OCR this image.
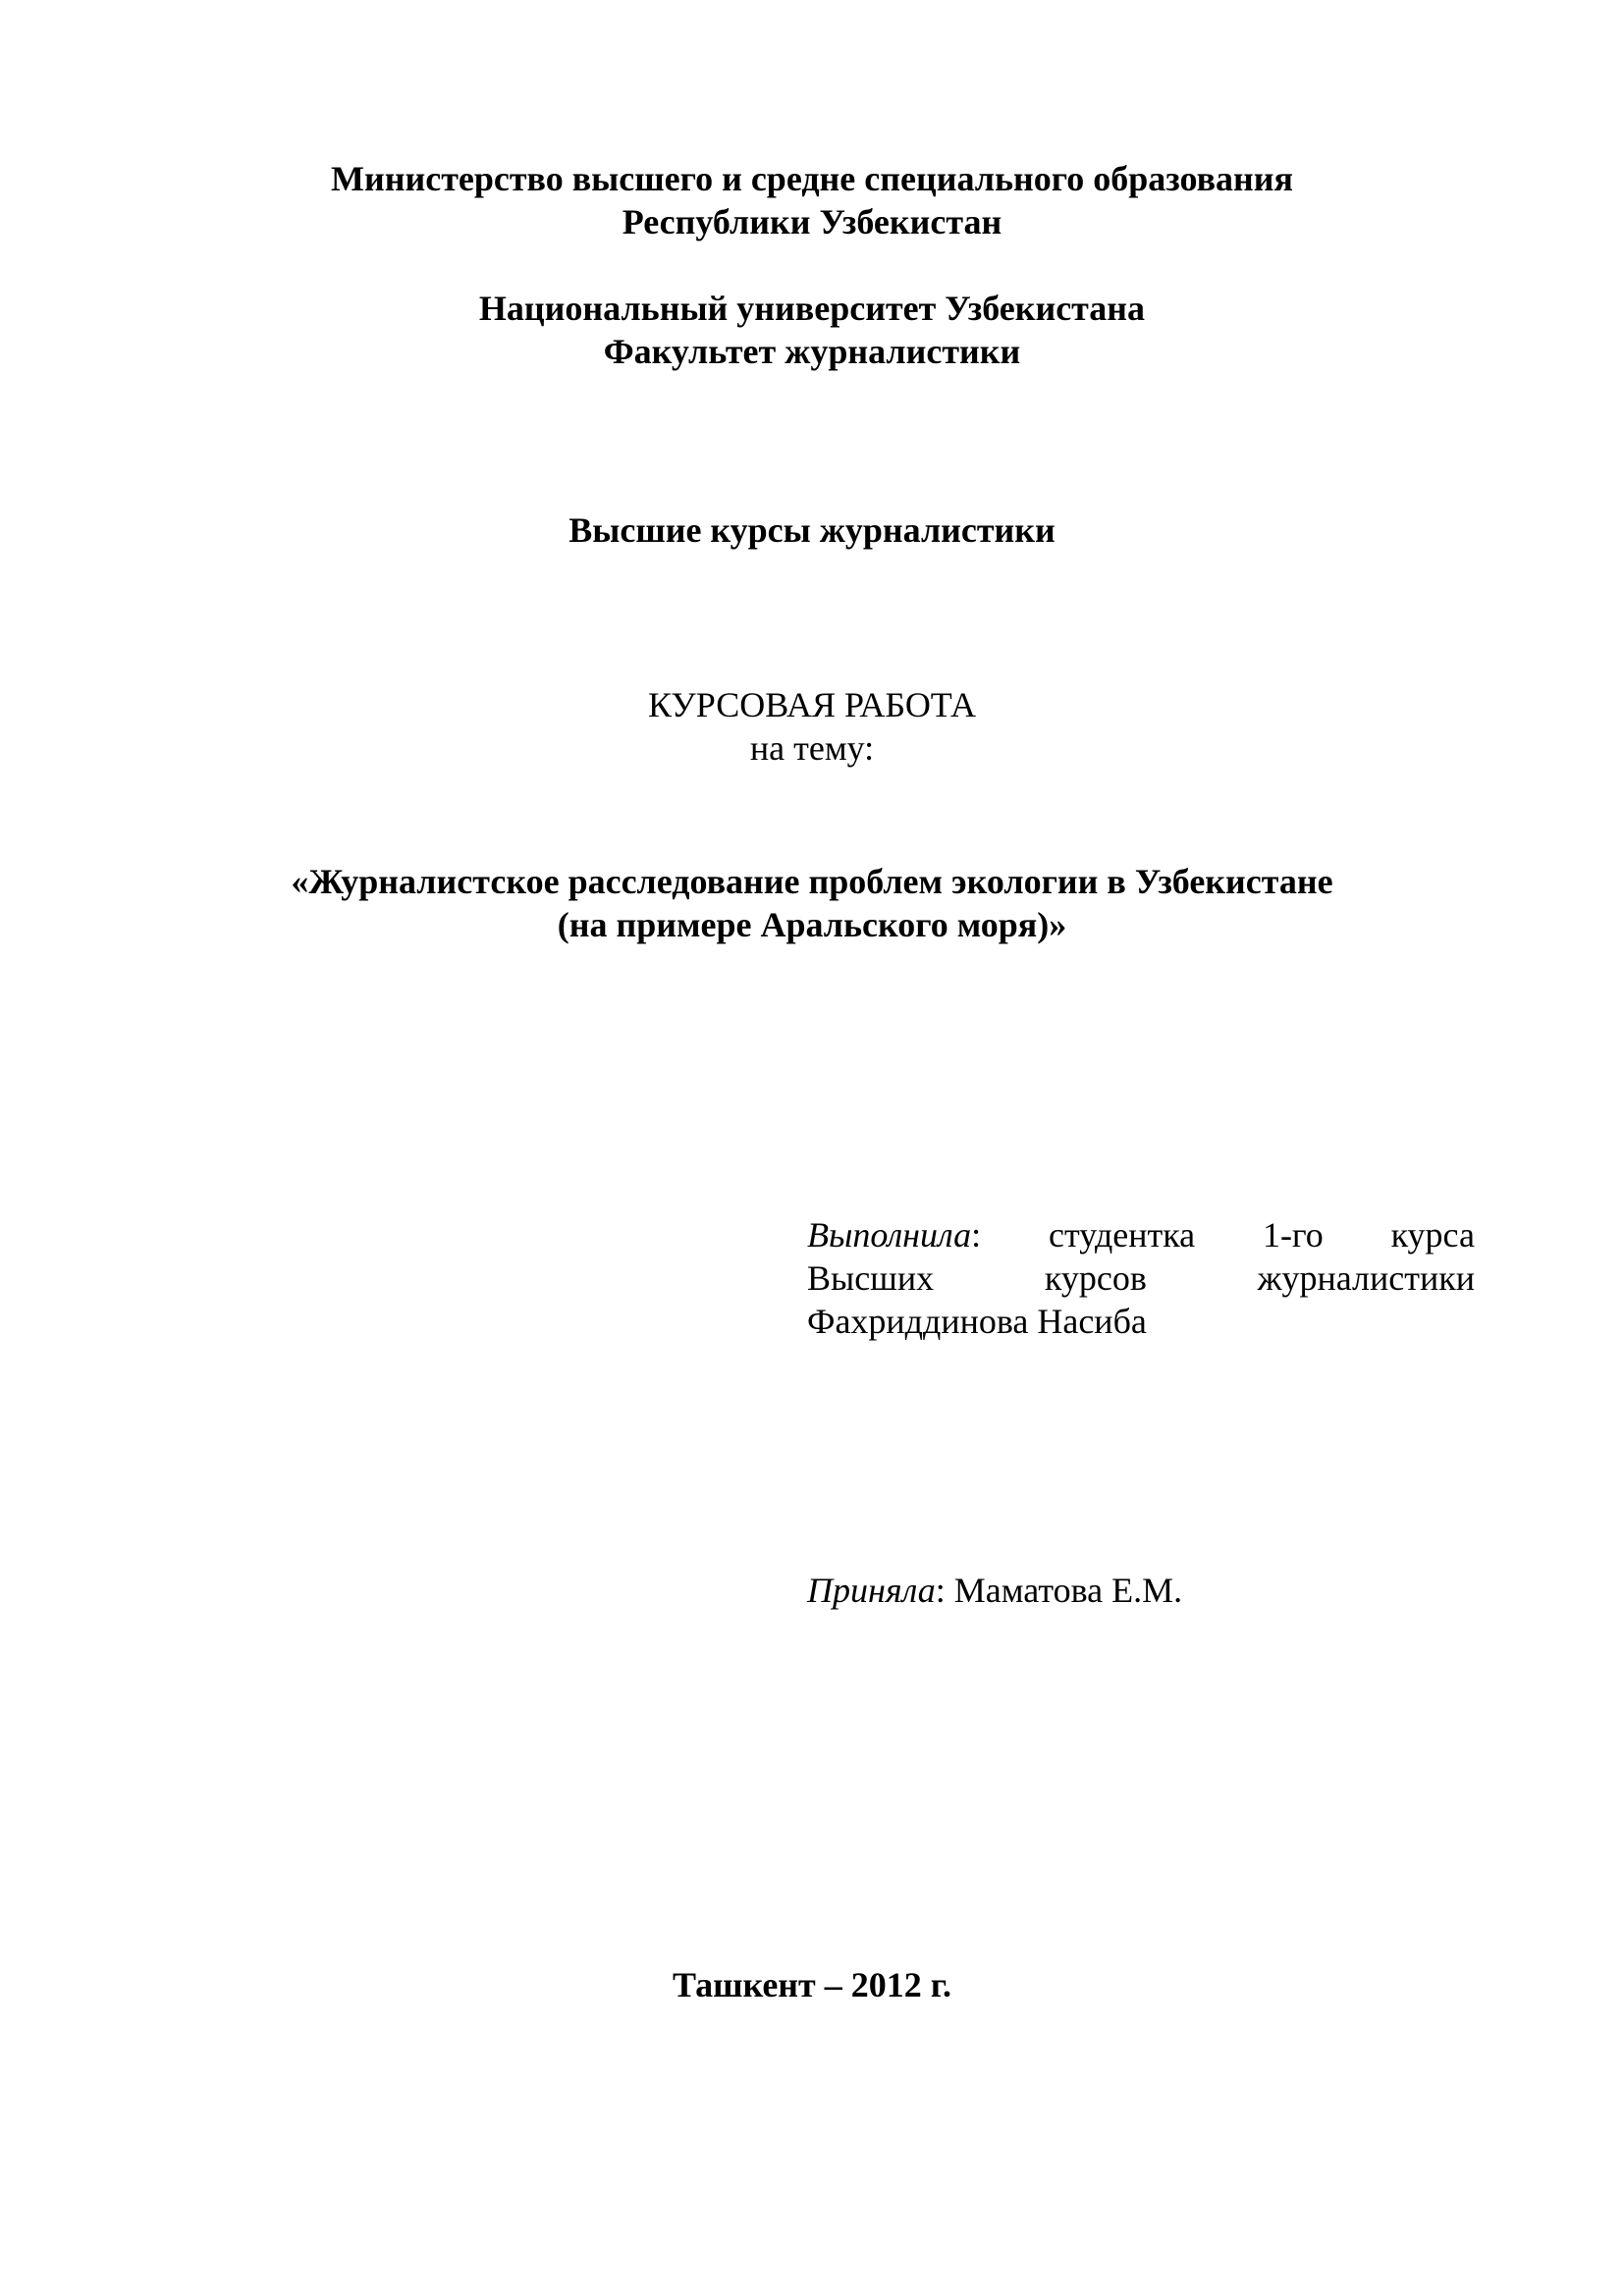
Министерство высшего и средне специального образования
Республики Узбекистан
Национальный университет Узбекистана
Факультет журналистики
Высшие курсы журналистики
КУРСОВАЯ РАБОТА
на тему:
«Журналистское расследование проблем экологии в Узбекистане
(на примере Аральского моря)»
Выполнила: студентка 1-го курса
Высших	курсов	журналистики
Фахриддинова Насиба
Приняла: Маматова Е.М.
Ташкент – 2012 г.
